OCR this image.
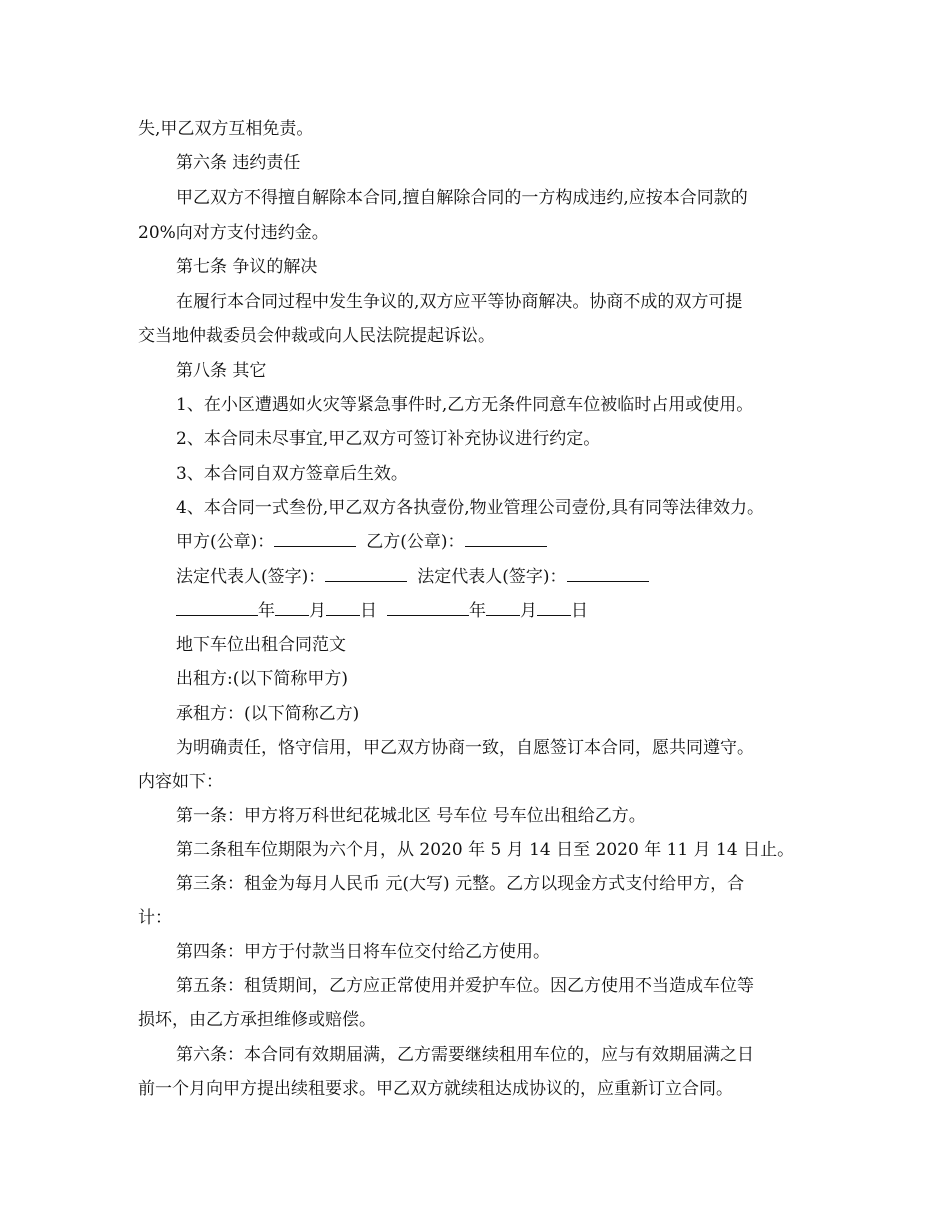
失,甲乙双方互相免责。
第六条 违约责任
甲乙双方不得擅自解除本合同,擅自解除合同的一方构成违约,应按本合同款的
20%向对方支付违约金。
第七条 争议的解决
在履行本合同过程中发生争议的,双方应平等协商解决。协商不成的双方可提
交当地仲裁委员会仲裁或向人民法院提起诉讼。
第八条 其它
1、在小区遭遇如火灾等紧急事件时,乙方无条件同意车位被临时占用或使用。
2、本合同未尽事宜,甲乙双方可签订补充协议进行约定。
3、本合同自双方签章后生效。
4、本合同一式叁份,甲乙双方各执壹份,物业管理公司壹份,具有同等法律效力。
甲方(公章)：	乙方(公章)：
法定代表人(签字)：	法定代表人(签字)：
年 月 日	年 月 日
地下车位出租合同范文
出租方:(以下简称甲方)
承租方：(以下简称乙方)
为明确责任，恪守信用，甲乙双方协商一致，自愿签订本合同，愿共同遵守。
内容如下：
第一条：甲方将万科世纪花城北区 号车位 号车位出租给乙方。
第二条租车位期限为六个月，从 2020 年 5 月 14 日至 2020 年 11 月 14 日止。
第三条：租金为每月人民币 元(大写) 元整。乙方以现金方式支付给甲方，合
计：
第四条：甲方于付款当日将车位交付给乙方使用。
第五条：租赁期间，乙方应正常使用并爱护车位。因乙方使用不当造成车位等
损坏，由乙方承担维修或赔偿。
第六条：本合同有效期届满，乙方需要继续租用车位的，应与有效期届满之日
前一个月向甲方提出续租要求。甲乙双方就续租达成协议的，应重新订立合同。
